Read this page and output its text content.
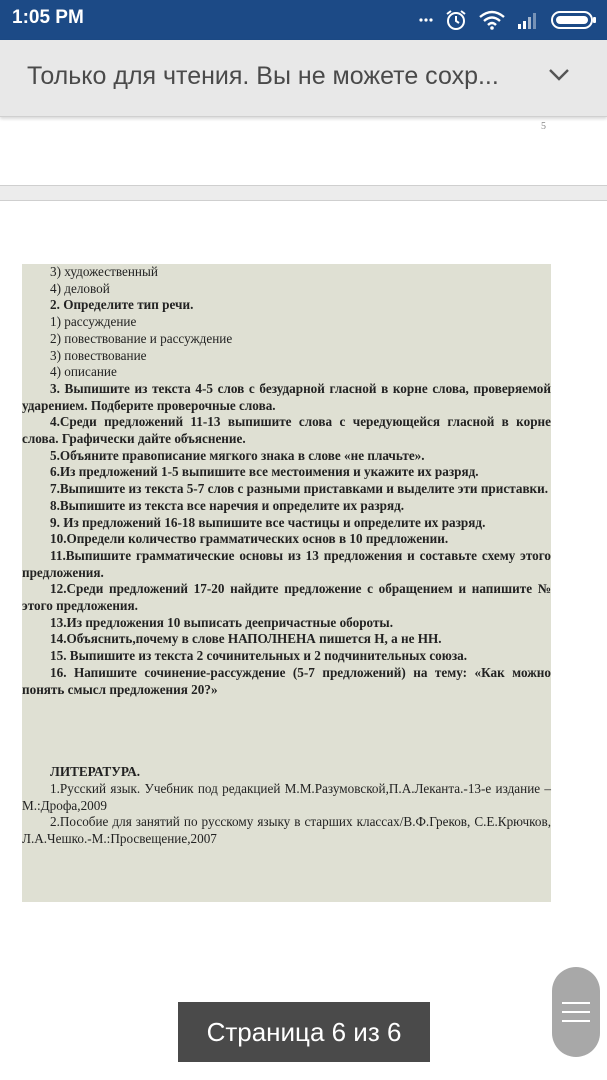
1:05 PM
Только для чтения. Вы не можете сохр...
5

3) художественный

4) деловой

2. Определите тип речи.

1) рассуждение

2) повествование и рассуждение

3) повествование

4) описание

3. Выпишите из текста 4-5 слов с безударной гласной в корне слова, проверяемой ударением. Подберите проверочные слова.

4.Среди предложений 11-13 выпишите слова с чередующейся гласной в корне слова. Графически дайте объяснение.

5.Объяните правописание мягкого знака в слове «не плачьте».

6.Из предложений 1-5 выпишите все местоимения и укажите их разряд.

7.Выпишите из текста 5-7 слов с разными приставками и выделите эти приставки.

8.Выпишите из текста все наречия и определите их разряд.

9. Из предложений 16-18 выпишите все частицы и определите их разряд.

10.Определи количество грамматических основ в 10 предложении.

11.Выпишите грамматические основы из 13 предложения и составьте схему этого предложения.

12.Среди предложений 17-20 найдите предложение с обращением и напишите № этого предложения.

13.Из предложения 10 выписать деепричастные обороты.

14.Объяснить,почему в слове НАПОЛНЕНА пишется Н, а не НН.

15. Выпишите из текста 2 сочинительных и 2 подчинительных союза.

16. Напишите сочинение-рассуждение (5-7 предложений) на тему: «Как можно понять смысл предложения 20?»

ЛИТЕРАТУРА.

1.Русский язык. Учебник под редакцией М.М.Разумовской,П.А.Леканта.-13-е издание –М.:Дрофа,2009

2.Пособие для занятий по русскому языку в старших классах/В.Ф.Греков, С.Е.Крючков, Л.А.Чешко.-М.:Просвещение,2007

Страница 6 из 6
